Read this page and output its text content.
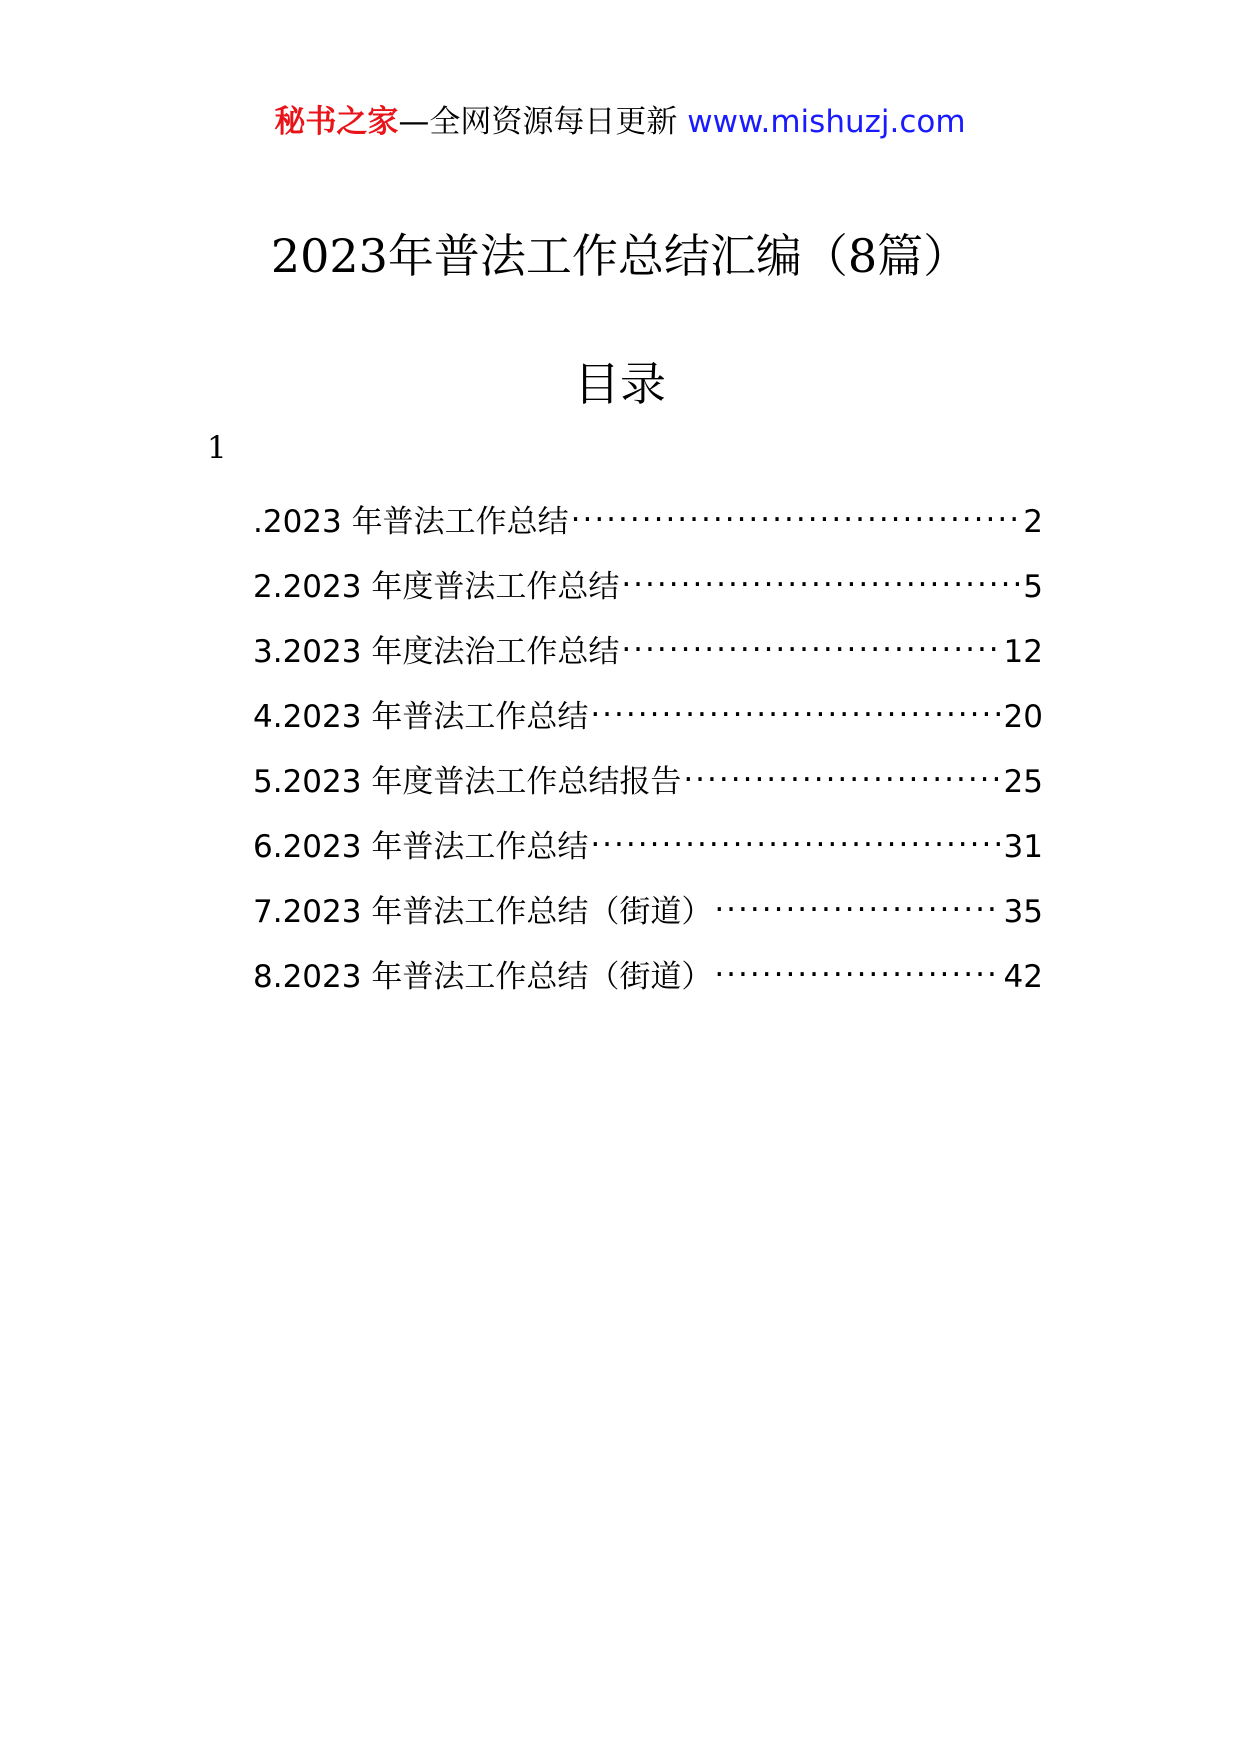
秘书之家—全网资源每日更新 www.mishuzj.com
2023年普法工作总结汇编（8篇）
目录
1
.2023 年普法工作总结 .....	2
2.2023 年度普法工作总结 .....	5
3.2023 年度法治工作总结 .....	12
4.2023 年普法工作总结 .....	20
5.2023 年度普法工作总结报告 .....	25
6.2023 年普法工作总结 .....	31
7.2023 年普法工作总结（街道） .....	35
8.2023 年普法工作总结（街道） .....	42
